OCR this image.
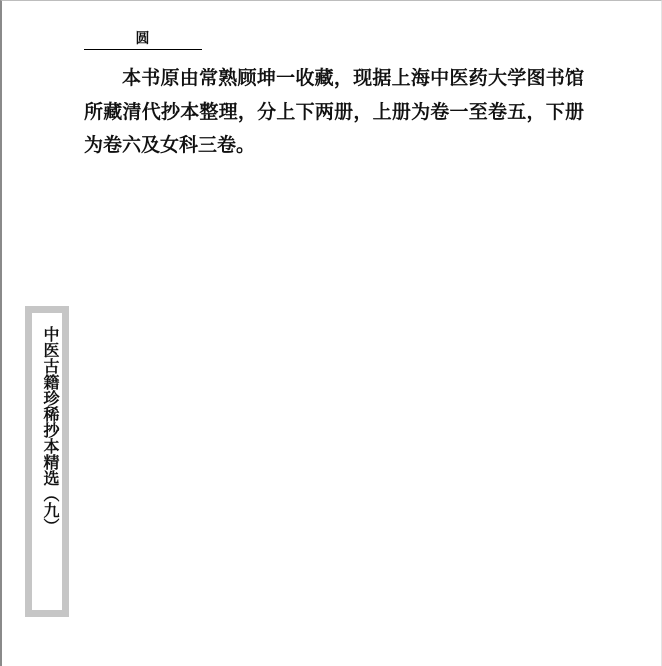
圆

本书原由常熟顾坤一收藏，现据上海中医药大学图书馆所藏清代抄本整理，分上下两册，上册为卷一至卷五，下册为卷六及女科三卷。

中医古籍珍稀抄本精选（九）
